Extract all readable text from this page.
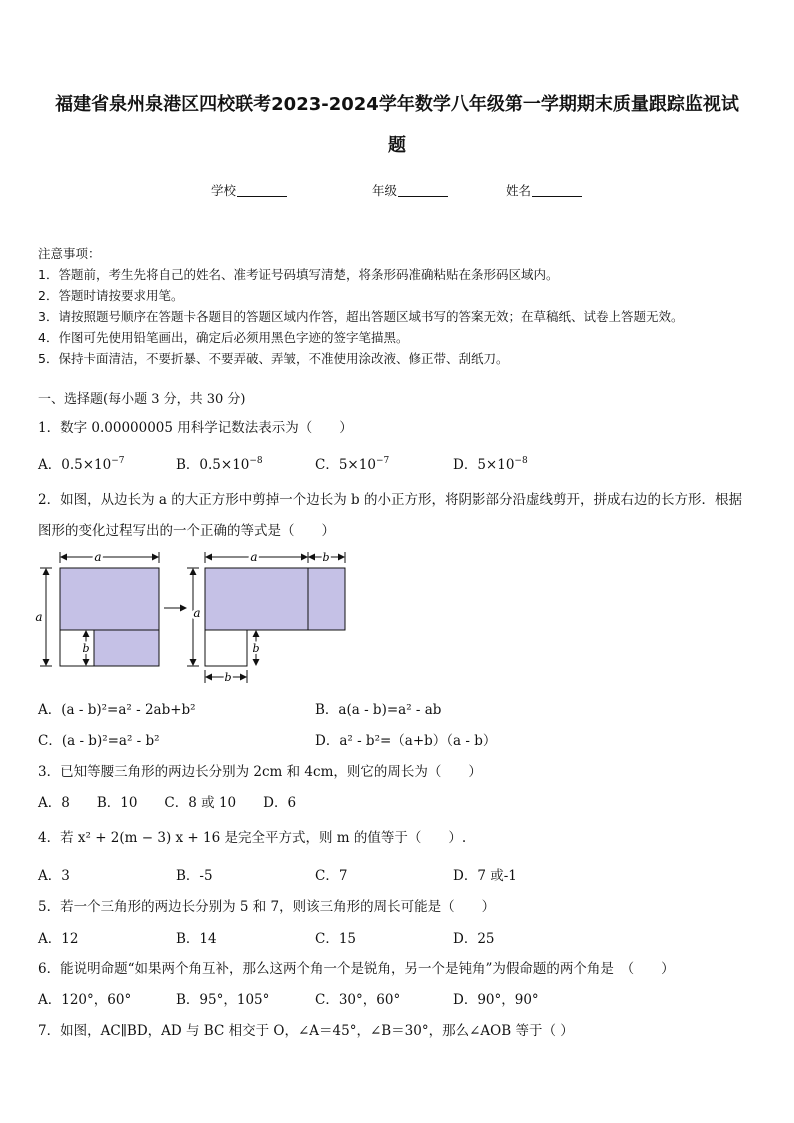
福建省泉州泉港区四校联考2023-2024学年数学八年级第一学期期末质量跟踪监视试
题
学校	年级	姓名
注意事项：
1．答题前，考生先将自己的姓名、准考证号码填写清楚，将条形码准确粘贴在条形码区域内。
2．答题时请按要求用笔。
3．请按照题号顺序在答题卡各题目的答题区域内作答，超出答题区域书写的答案无效；在草稿纸、试卷上答题无效。
4．作图可先使用铅笔画出，确定后必须用黑色字迹的签字笔描黑。
5．保持卡面清洁，不要折暴、不要弄破、弄皱，不准使用涂改液、修正带、刮纸刀。
一、选择题(每小题 3 分，共 30 分)
1．数字 0.00000005 用科学记数法表示为（　　）
A．$0.5\times 10^{-7}$	B．$0.5\times 10^{-8}$	C．$5\times 10^{-7}$	D．$5\times 10^{-8}$
2．如图，从边长为 a 的大正方形中剪掉一个边长为 b 的小正方形，将阴影部分沿虚线剪开，拼成右边的长方形．根据
图形的变化过程写出的一个正确的等式是（　　）
a
a
b
a	b
a
b
b
A．(a - b)²=a² - 2ab+b²	B．a(a - b)=a² - ab
C．(a - b)²=a² - b²	D．a² - b²=（a+b）（a - b）
3．已知等腰三角形的两边长分别为 2cm 和 4cm，则它的周长为（　　）
A．8　　B．10　　C．8 或 10　　D．6
4．若 x² + 2(m − 3) x + 16 是完全平方式，则 m 的值等于（　　）.
A．3	B．-5	C．7	D．7 或-1
5．若一个三角形的两边长分别为 5 和 7，则该三角形的周长可能是（　　）
A．12	B．14	C．15	D．25
6．能说明命题“如果两个角互补，那么这两个角一个是锐角，另一个是钝角”为假命题的两个角是　（　　）
A．120°，60°	B．95°，105°	C．30°，60°	D．90°，90°
7．如图，AC∥BD，AD 与 BC 相交于 O，∠A＝45°，∠B＝30°，那么∠AOB 等于（ ）
